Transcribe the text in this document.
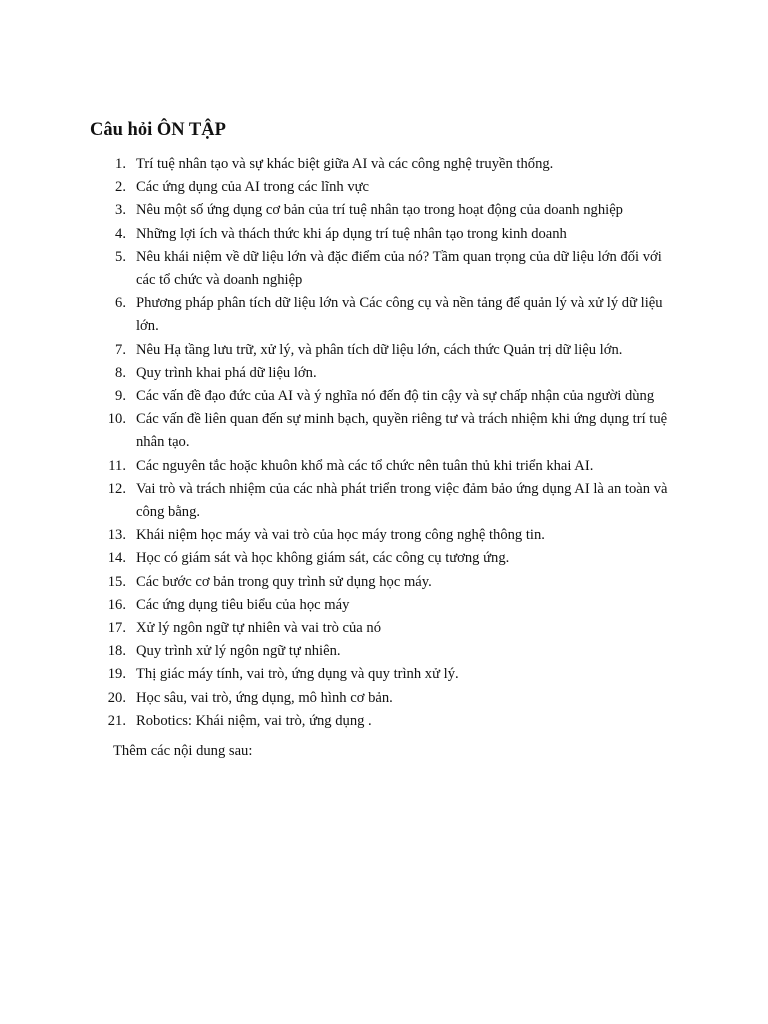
Câu hỏi ÔN TẬP
1. Trí tuệ nhân tạo và sự khác biệt giữa AI và các công nghệ truyền thống.
2. Các ứng dụng của AI trong các lĩnh vực
3. Nêu một số ứng dụng cơ bản của trí tuệ nhân tạo trong hoạt động của doanh nghiệp
4. Những lợi ích và thách thức khi áp dụng trí tuệ nhân tạo trong kinh doanh
5. Nêu khái niệm về dữ liệu lớn và đặc điểm của nó? Tầm quan trọng của dữ liệu lớn đối với các tổ chức và doanh nghiệp
6. Phương pháp phân tích dữ liệu lớn và Các công cụ và nền tảng để quản lý và xử lý dữ liệu lớn.
7. Nêu Hạ tầng lưu trữ, xử lý, và phân tích dữ liệu lớn, cách thức Quản trị dữ liệu lớn.
8. Quy trình khai phá dữ liệu lớn.
9. Các vấn đề đạo đức của AI và ý nghĩa nó đến độ tin cậy và sự chấp nhận của người dùng
10. Các vấn đề liên quan đến sự minh bạch, quyền riêng tư và trách nhiệm khi ứng dụng trí tuệ nhân tạo.
11. Các nguyên tắc hoặc khuôn khổ mà các tổ chức nên tuân thủ khi triển khai AI.
12. Vai trò và trách nhiệm của các nhà phát triển trong việc đảm bảo ứng dụng AI là an toàn và công bằng.
13. Khái niệm học máy và vai trò của học máy trong công nghệ thông tin.
14. Học có giám sát và học không giám sát, các công cụ tương ứng.
15. Các bước cơ bản trong quy trình sử dụng học máy.
16. Các ứng dụng tiêu biểu của học máy
17. Xử lý ngôn ngữ tự nhiên và vai trò của nó
18. Quy trình xử lý ngôn ngữ tự nhiên.
19. Thị giác máy tính, vai trò, ứng dụng và quy trình xử lý.
20. Học sâu, vai trò, ứng dụng, mô hình cơ bản.
21. Robotics: Khái niệm, vai trò, ứng dụng .

Thêm các nội dung sau:
